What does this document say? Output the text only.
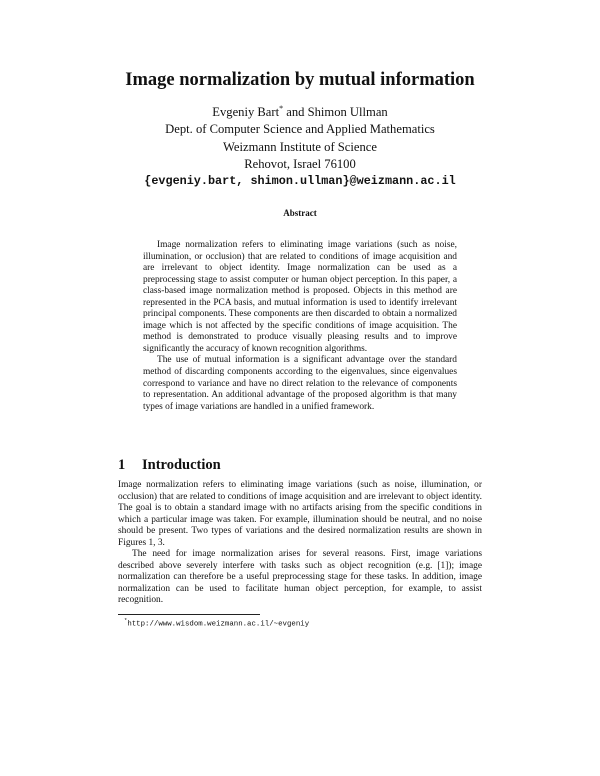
Image normalization by mutual information
Evgeniy Bart* and Shimon Ullman
Dept. of Computer Science and Applied Mathematics
Weizmann Institute of Science
Rehovot, Israel 76100
{evgeniy.bart, shimon.ullman}@weizmann.ac.il
Abstract

Image normalization refers to eliminating image variations (such as noise, illumination, or occlusion) that are related to conditions of image acquisition and are irrelevant to object identity. Image normalization can be used as a preprocessing stage to assist computer or human object perception. In this paper, a class-based image normalization method is proposed. Objects in this method are represented in the PCA basis, and mutual information is used to identify irrelevant principal components. These components are then discarded to obtain a normalized image which is not affected by the specific conditions of image acquisition. The method is demonstrated to produce visually pleasing results and to improve significantly the accuracy of known recognition algorithms.

The use of mutual information is a significant advantage over the standard method of discarding components according to the eigenvalues, since eigenvalues correspond to variance and have no direct relation to the relevance of components to representation. An additional advantage of the proposed algorithm is that many types of image variations are handled in a unified framework.

1 Introduction

Image normalization refers to eliminating image variations (such as noise, illumination, or occlusion) that are related to conditions of image acquisition and are irrelevant to object identity. The goal is to obtain a standard image with no artifacts arising from the specific conditions in which a particular image was taken. For example, illumination should be neutral, and no noise should be present. Two types of variations and the desired normalization results are shown in Figures 1, 3.

The need for image normalization arises for several reasons. First, image variations described above severely interfere with tasks such as object recognition (e.g. [1]); image normalization can therefore be a useful preprocessing stage for these tasks. In addition, image normalization can be used to facilitate human object perception, for example, to assist recognition.

*http://www.wisdom.weizmann.ac.il/~evgeniy
